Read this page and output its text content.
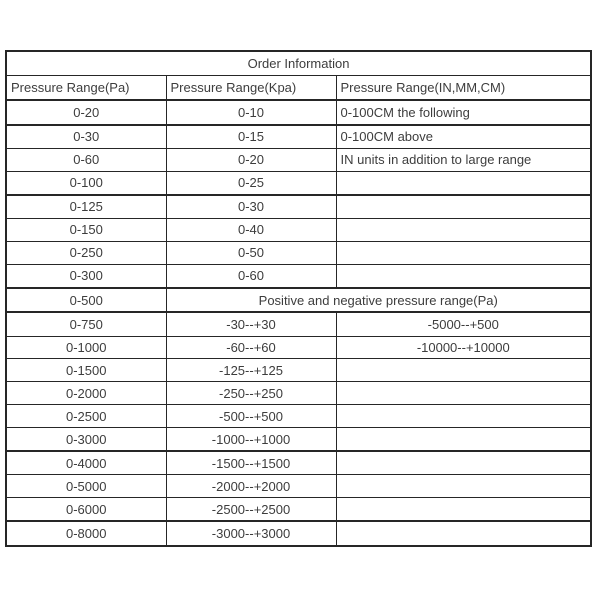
Order Information		
Pressure Range(Pa)	Pressure Range(Kpa)	Pressure Range(IN,MM,CM)
0-20	0-10	0-100CM the following
0-30	0-15	0-100CM above
0-60	0-20	IN units in addition to large range
0-100	0-25	
0-125	0-30	
0-150	0-40	
0-250	0-50	
0-300	0-60	
0-500	Positive and negative pressure range(Pa)	
0-750	-30--+30	-5000--+500
0-1000	-60--+60	-10000--+10000
0-1500	-125--+125	
0-2000	-250--+250	
0-2500	-500--+500	
0-3000	-1000--+1000	
0-4000	-1500--+1500	
0-5000	-2000--+2000	
0-6000	-2500--+2500	
0-8000	-3000--+3000	
